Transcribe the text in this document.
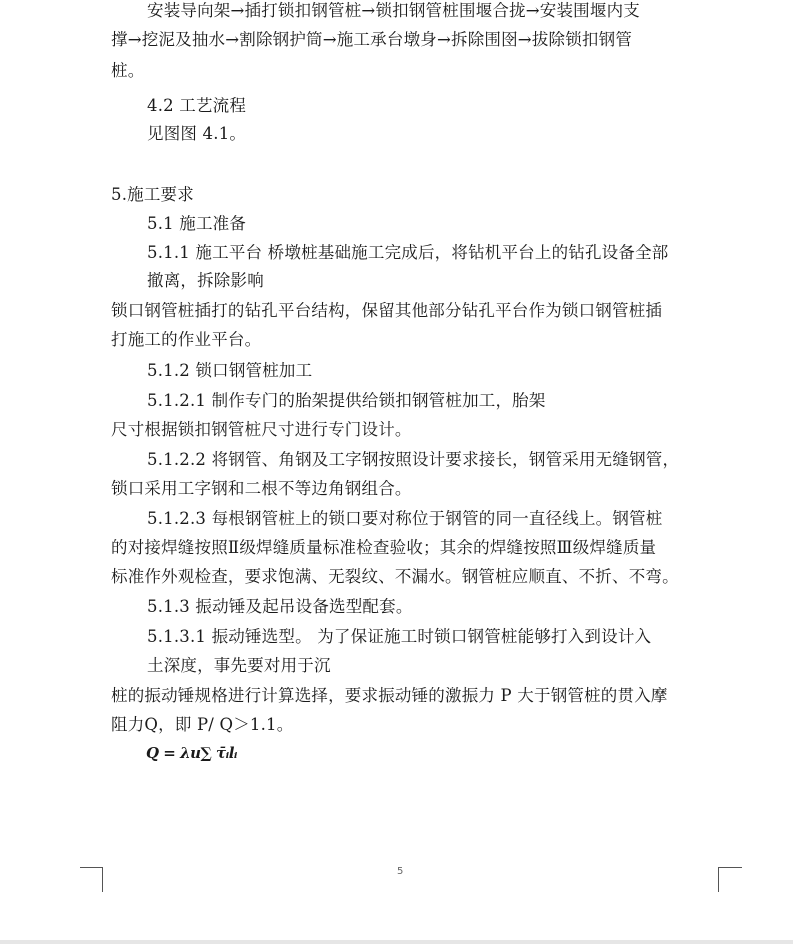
安装导向架→插打锁扣钢管桩→锁扣钢管桩围堰合拢→安装围堰内支
撑→挖泥及抽水→割除钢护筒→施工承台墩身→拆除围囹→拔除锁扣钢管
桩。
4.2 工艺流程
见图图 4.1。
5.施工要求
5.1 施工准备
5.1.1 施工平台 桥墩桩基础施工完成后，将钻机平台上的钻孔设备全部
撤离，拆除影响
锁口钢管桩插打的钻孔平台结构，保留其他部分钻孔平台作为锁口钢管桩插
打施工的作业平台。
5.1.2 锁口钢管桩加工
5.1.2.1 制作专门的胎架提供给锁扣钢管桩加工，胎架
尺寸根据锁扣钢管桩尺寸进行专门设计。
5.1.2.2 将钢管、角钢及工字钢按照设计要求接长，钢管采用无缝钢管，
锁口采用工字钢和二根不等边角钢组合。
5.1.2.3 每根钢管桩上的锁口要对称位于钢管的同一直径线上。钢管桩
的对接焊缝按照Ⅱ级焊缝质量标准检查验收；其余的焊缝按照Ⅲ级焊缝质量
标准作外观检查，要求饱满、无裂纹、不漏水。钢管桩应顺直、不折、不弯。
5.1.3 振动锤及起吊设备选型配套。
5.1.3.1 振动锤选型。 为了保证施工时锁口钢管桩能够打入到设计入
土深度，事先要对用于沉
桩的振动锤规格进行计算选择，要求振动锤的激振力 P 大于钢管桩的贯入摩
阻力Q，即 P/ Q＞1.1。
Q = λu∑ τ̄ᵢlᵢ
5
